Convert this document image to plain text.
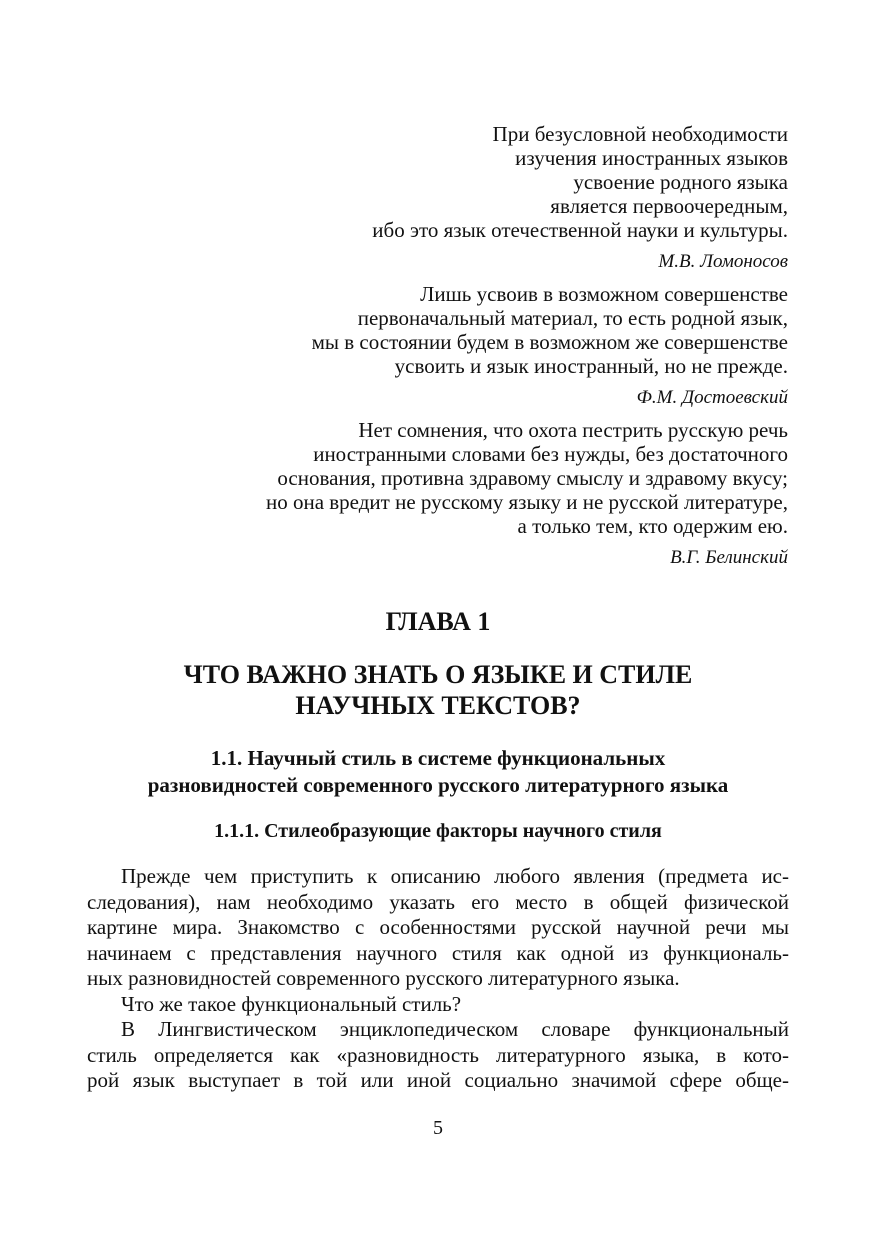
При безусловной необходимости
изучения иностранных языков
усвоение родного языка
является первоочередным,
ибо это язык отечественной науки и культуры.
М.В. Ломоносов
Лишь усвоив в возможном совершенстве
первоначальный материал, то есть родной язык,
мы в состоянии будем в возможном же совершенстве
усвоить и язык иностранный, но не прежде.
Ф.М. Достоевский
Нет сомнения, что охота пестрить русскую речь
иностранными словами без нужды, без достаточного
основания, противна здравому смыслу и здравому вкусу;
но она вредит не русскому языку и не русской литературе,
а только тем, кто одержим ею.
В.Г. Белинский
ГЛАВА 1
ЧТО ВАЖНО ЗНАТЬ О ЯЗЫКЕ И СТИЛЕ
НАУЧНЫХ ТЕКСТОВ?
1.1. Научный стиль в системе функциональных
разновидностей современного русского литературного языка
1.1.1. Стилеобразующие факторы научного стиля
Прежде чем приступить к описанию любого явления (предмета ис-
следования), нам необходимо указать его место в общей физической
картине мира. Знакомство с особенностями русской научной речи мы
начинаем с представления научного стиля как одной из функциональ-
ных разновидностей современного русского литературного языка.
Что же такое функциональный стиль?
В Лингвистическом энциклопедическом словаре функциональный
стиль определяется как «разновидность литературного языка, в кото-
рой язык выступает в той или иной социально значимой сфере обще-
5
